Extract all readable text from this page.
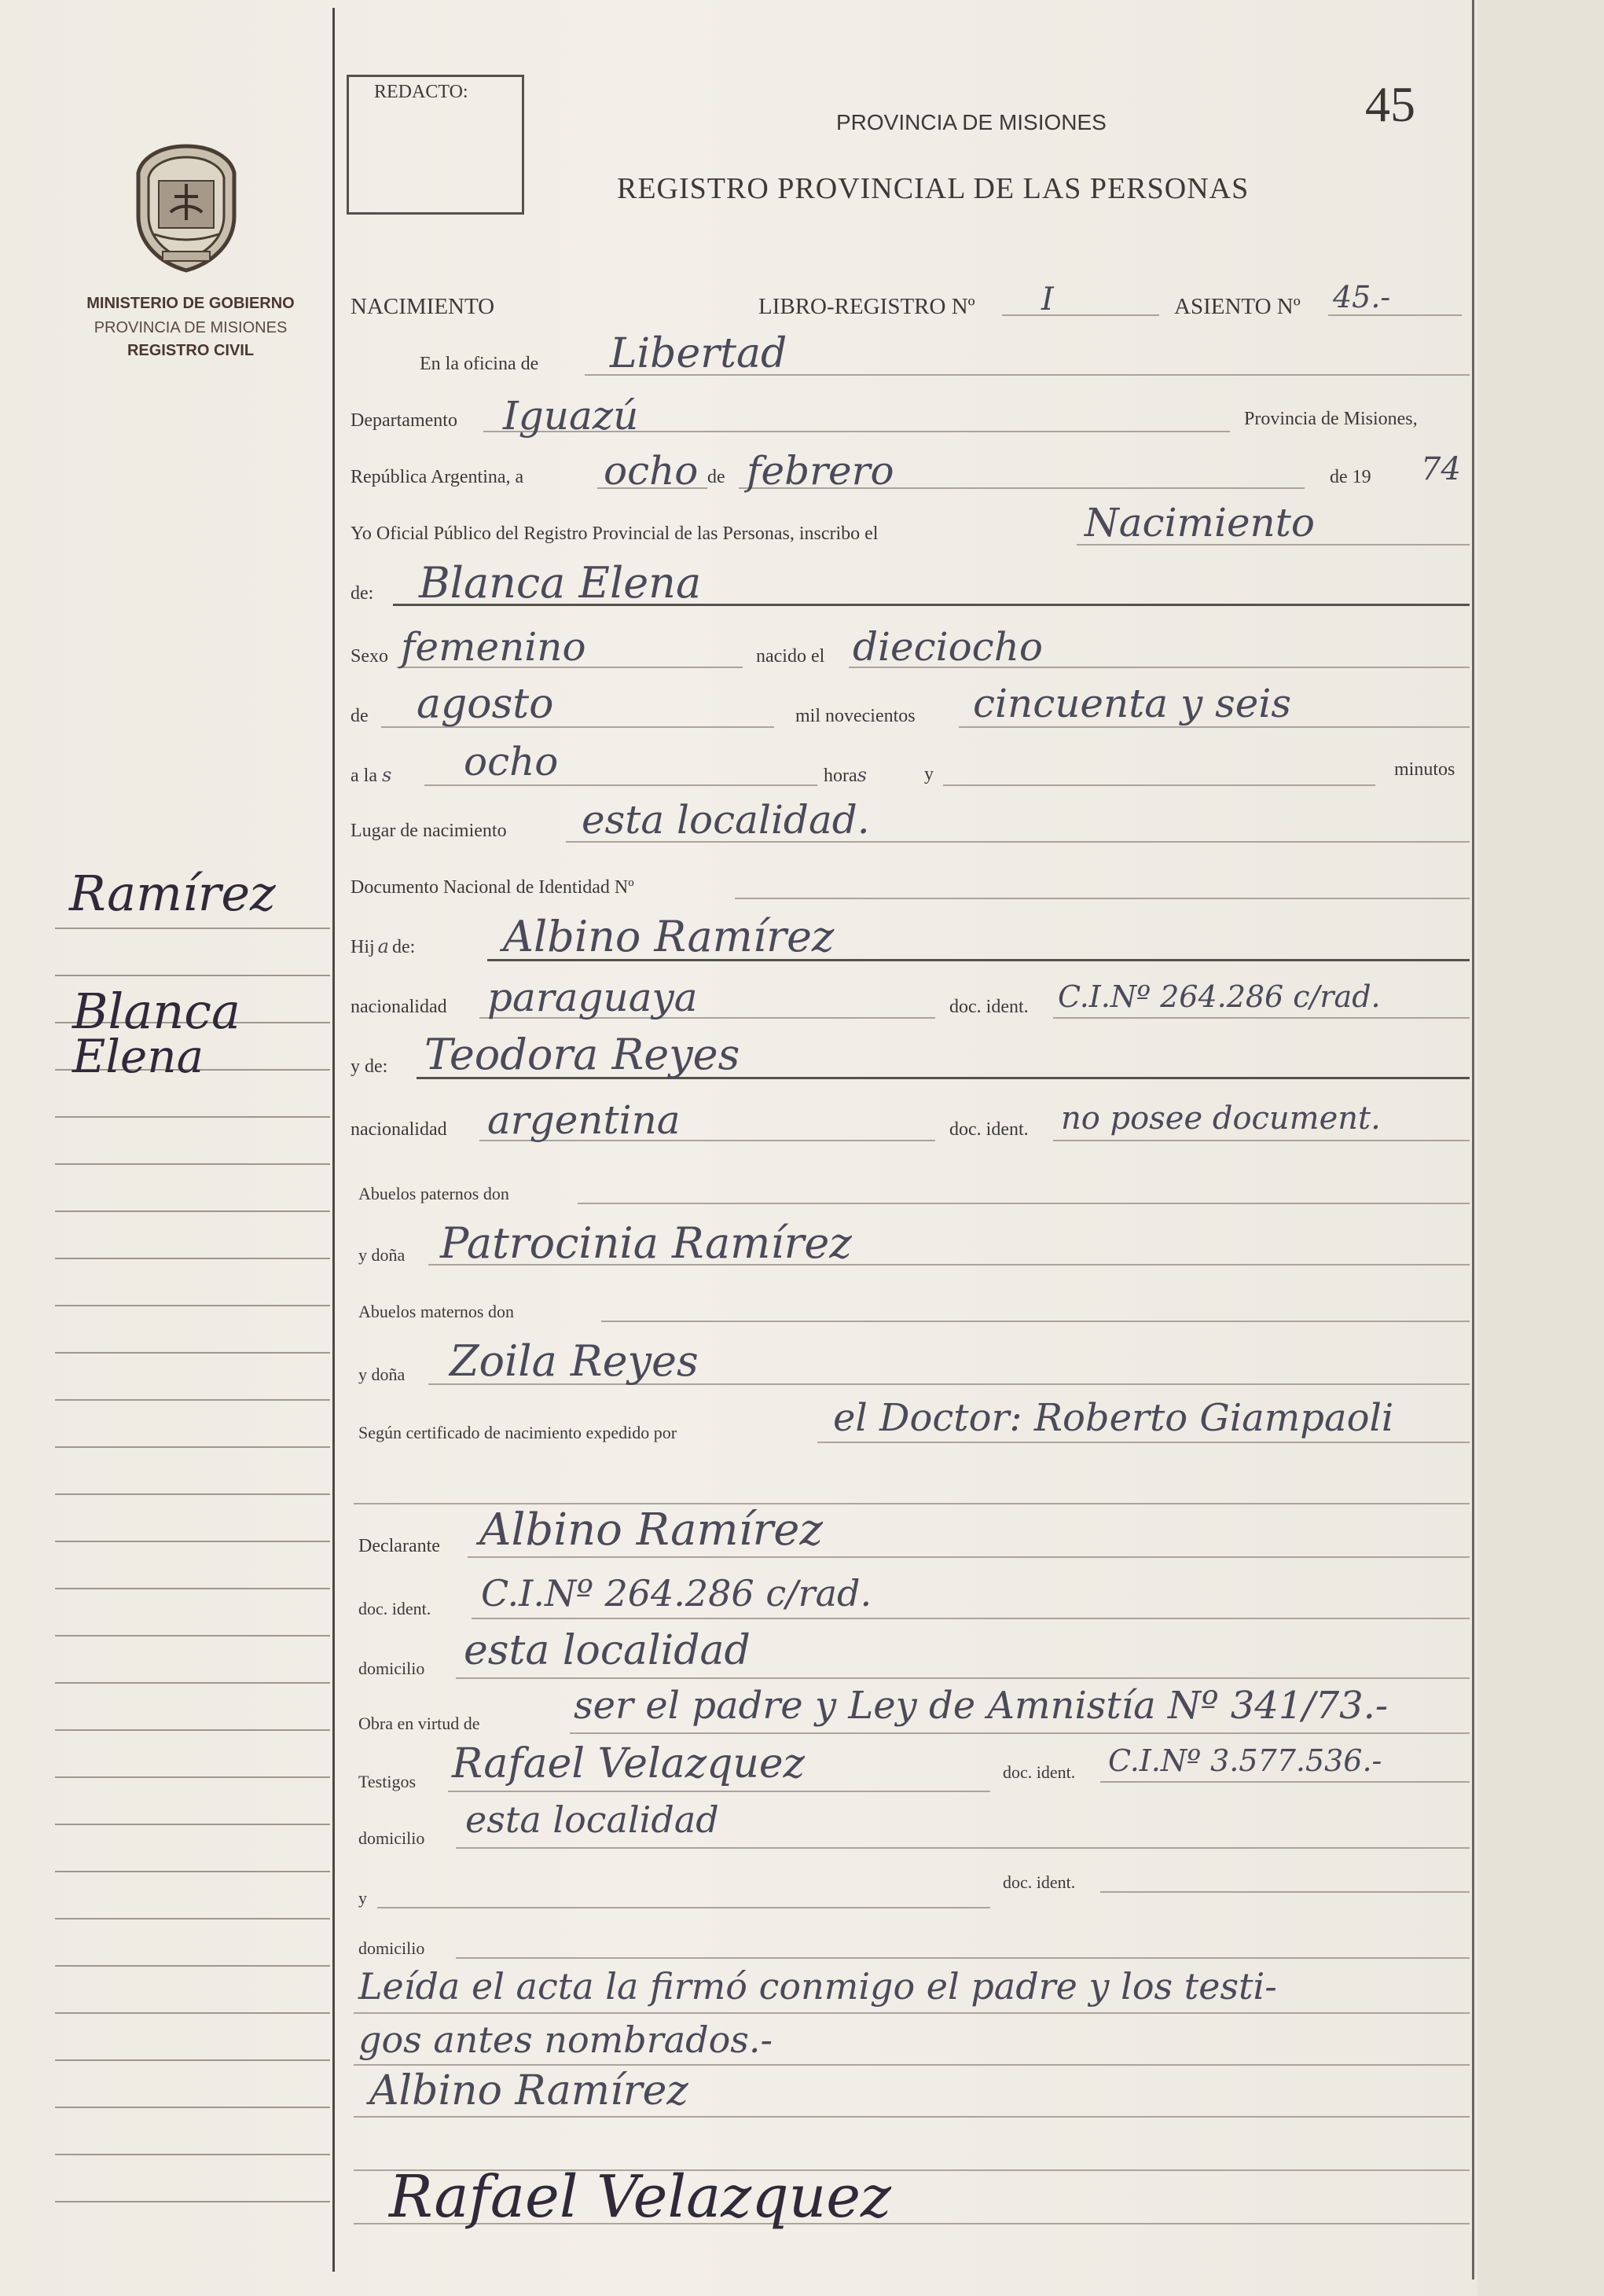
MINISTERIO DE GOBIERNO
PROVINCIA DE MISIONES
REGISTRO CIVIL
Ramírez
Blanca
Elena
REDACTO:
PROVINCIA DE MISIONES	45
REGISTRO PROVINCIAL DE LAS PERSONAS
NACIMIENTO	LIBRO-REGISTRO Nº I	ASIENTO Nº 45.-
En la oficina de Libertad
Departamento Iguazú	Provincia de Misiones,
República Argentina, a ocho de febrero	de 19 74
Yo Oficial Público del Registro Provincial de las Personas, inscribo el	Nacimiento
de: Blanca Elena
Sexo femenino	nacido el dieciocho
de agosto	mil novecientos cincuenta y seis
a la s ocho	horas	y	minutos
Lugar de nacimiento esta localidad.
Documento Nacional de Identidad Nº
Hij a de: Albino Ramírez
nacionalidad paraguaya	doc. ident. C.I.Nº 264.286 c/rad.
y de: Teodora Reyes
nacionalidad argentina	doc. ident. no posee document.
Abuelos paternos don
y doña Patrocinia Ramírez
Abuelos maternos don
y doña Zoila Reyes
Según certificado de nacimiento expedido por	el Doctor: Roberto Giampaoli
Declarante Albino Ramírez
doc. ident. C.I.Nº 264.286 c/rad.
domicilio esta localidad
Obra en virtud de ser el padre y Ley de Amnistía Nº 341/73.-
Testigos Rafael Velazquez	doc. ident. C.I.Nº 3.577.536.-
domicilio esta localidad
y
doc. ident.
domicilio
Leída el acta la firmó conmigo el padre y los testi-
gos antes nombrados.-
Albino Ramírez
Rafael Velazquez
